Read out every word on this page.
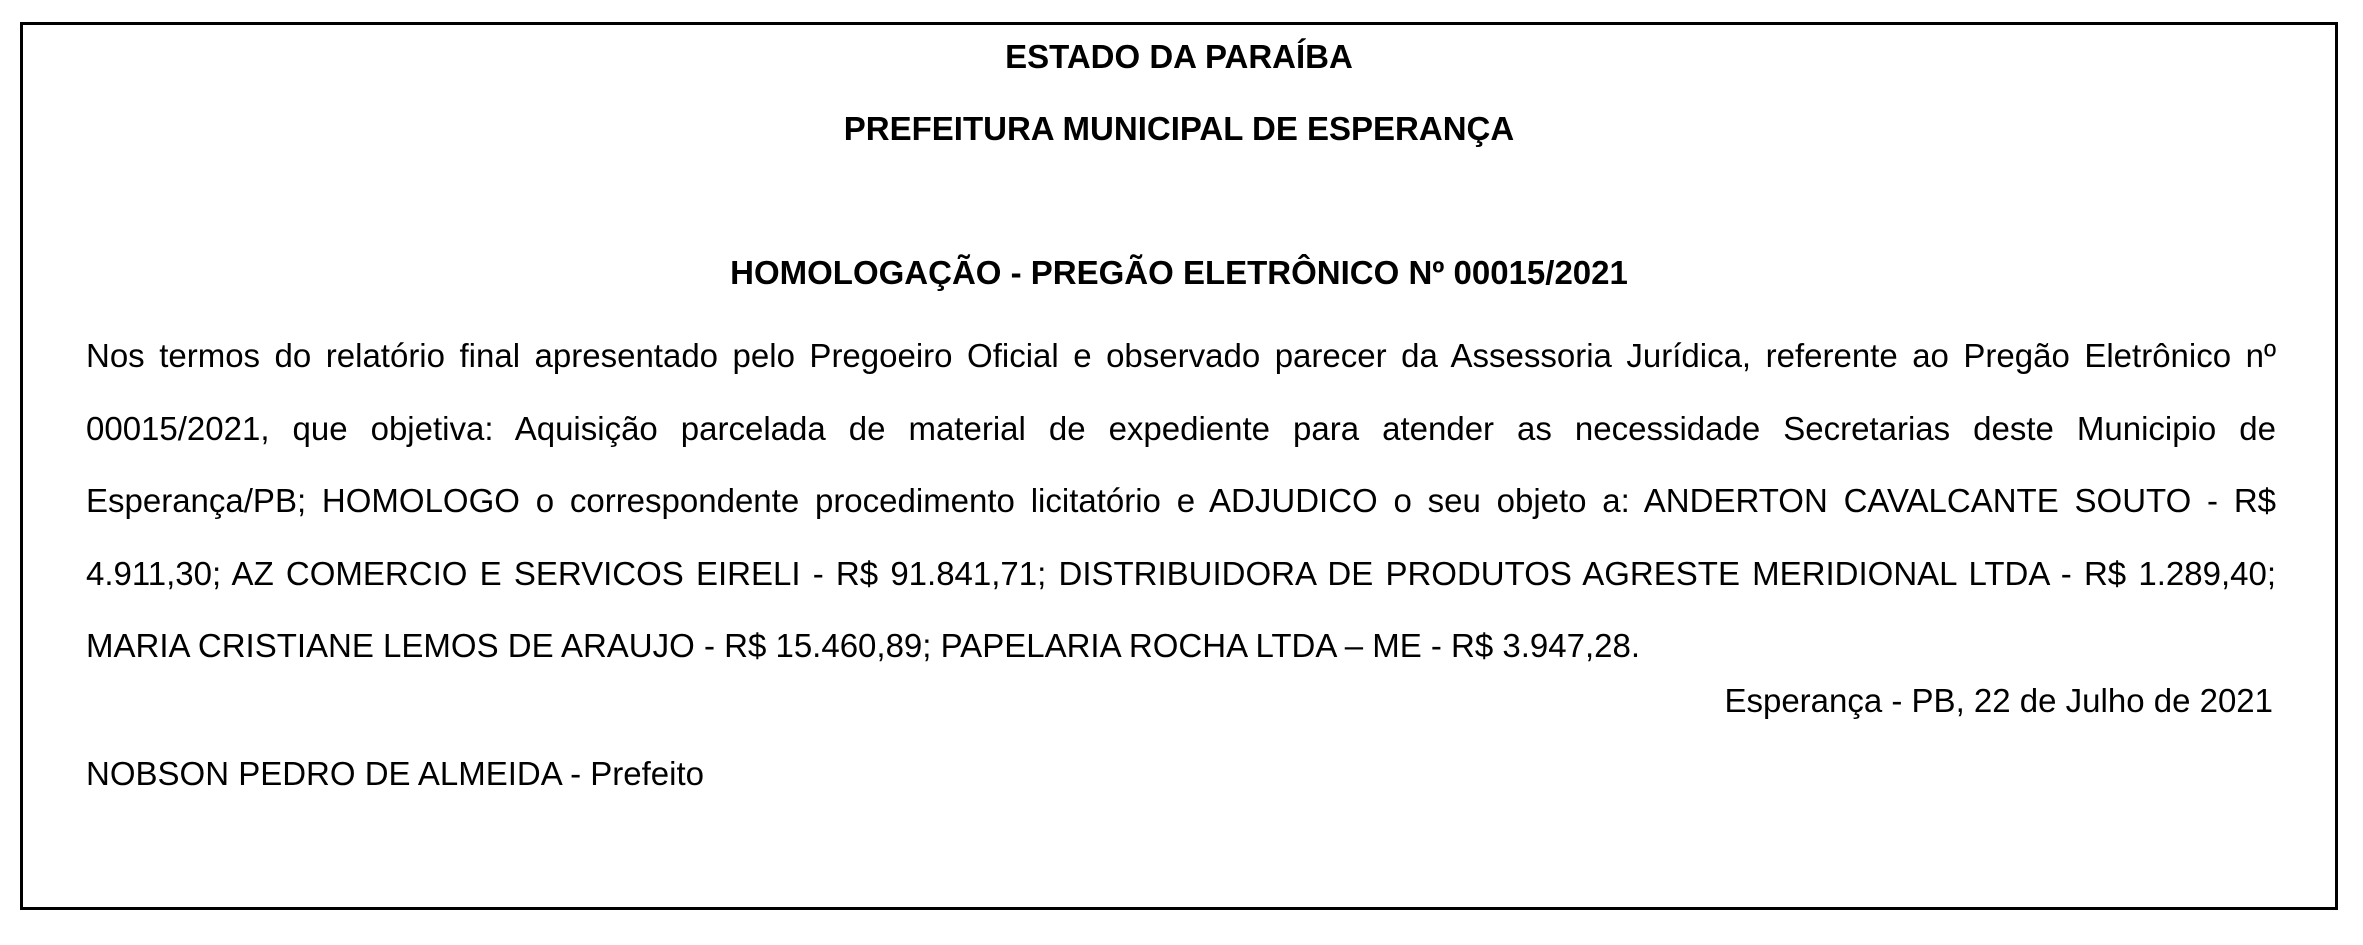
ESTADO DA PARAÍBA

PREFEITURA MUNICIPAL DE ESPERANÇA

HOMOLOGAÇÃO - PREGÃO ELETRÔNICO Nº 00015/2021

Nos termos do relatório final apresentado pelo Pregoeiro Oficial e observado parecer da Assessoria Jurídica, referente ao Pregão Eletrônico nº 00015/2021, que objetiva: Aquisição parcelada de material de expediente para atender as necessidade Secretarias deste Municipio de Esperança/PB; HOMOLOGO o correspondente procedimento licitatório e ADJUDICO o seu objeto a: ANDERTON CAVALCANTE SOUTO - R$ 4.911,30; AZ COMERCIO E SERVICOS EIRELI - R$ 91.841,71; DISTRIBUIDORA DE PRODUTOS AGRESTE MERIDIONAL LTDA - R$ 1.289,40; MARIA CRISTIANE LEMOS DE ARAUJO - R$ 15.460,89; PAPELARIA ROCHA LTDA – ME - R$ 3.947,28.

Esperança - PB, 22 de Julho de 2021

NOBSON PEDRO DE ALMEIDA - Prefeito
